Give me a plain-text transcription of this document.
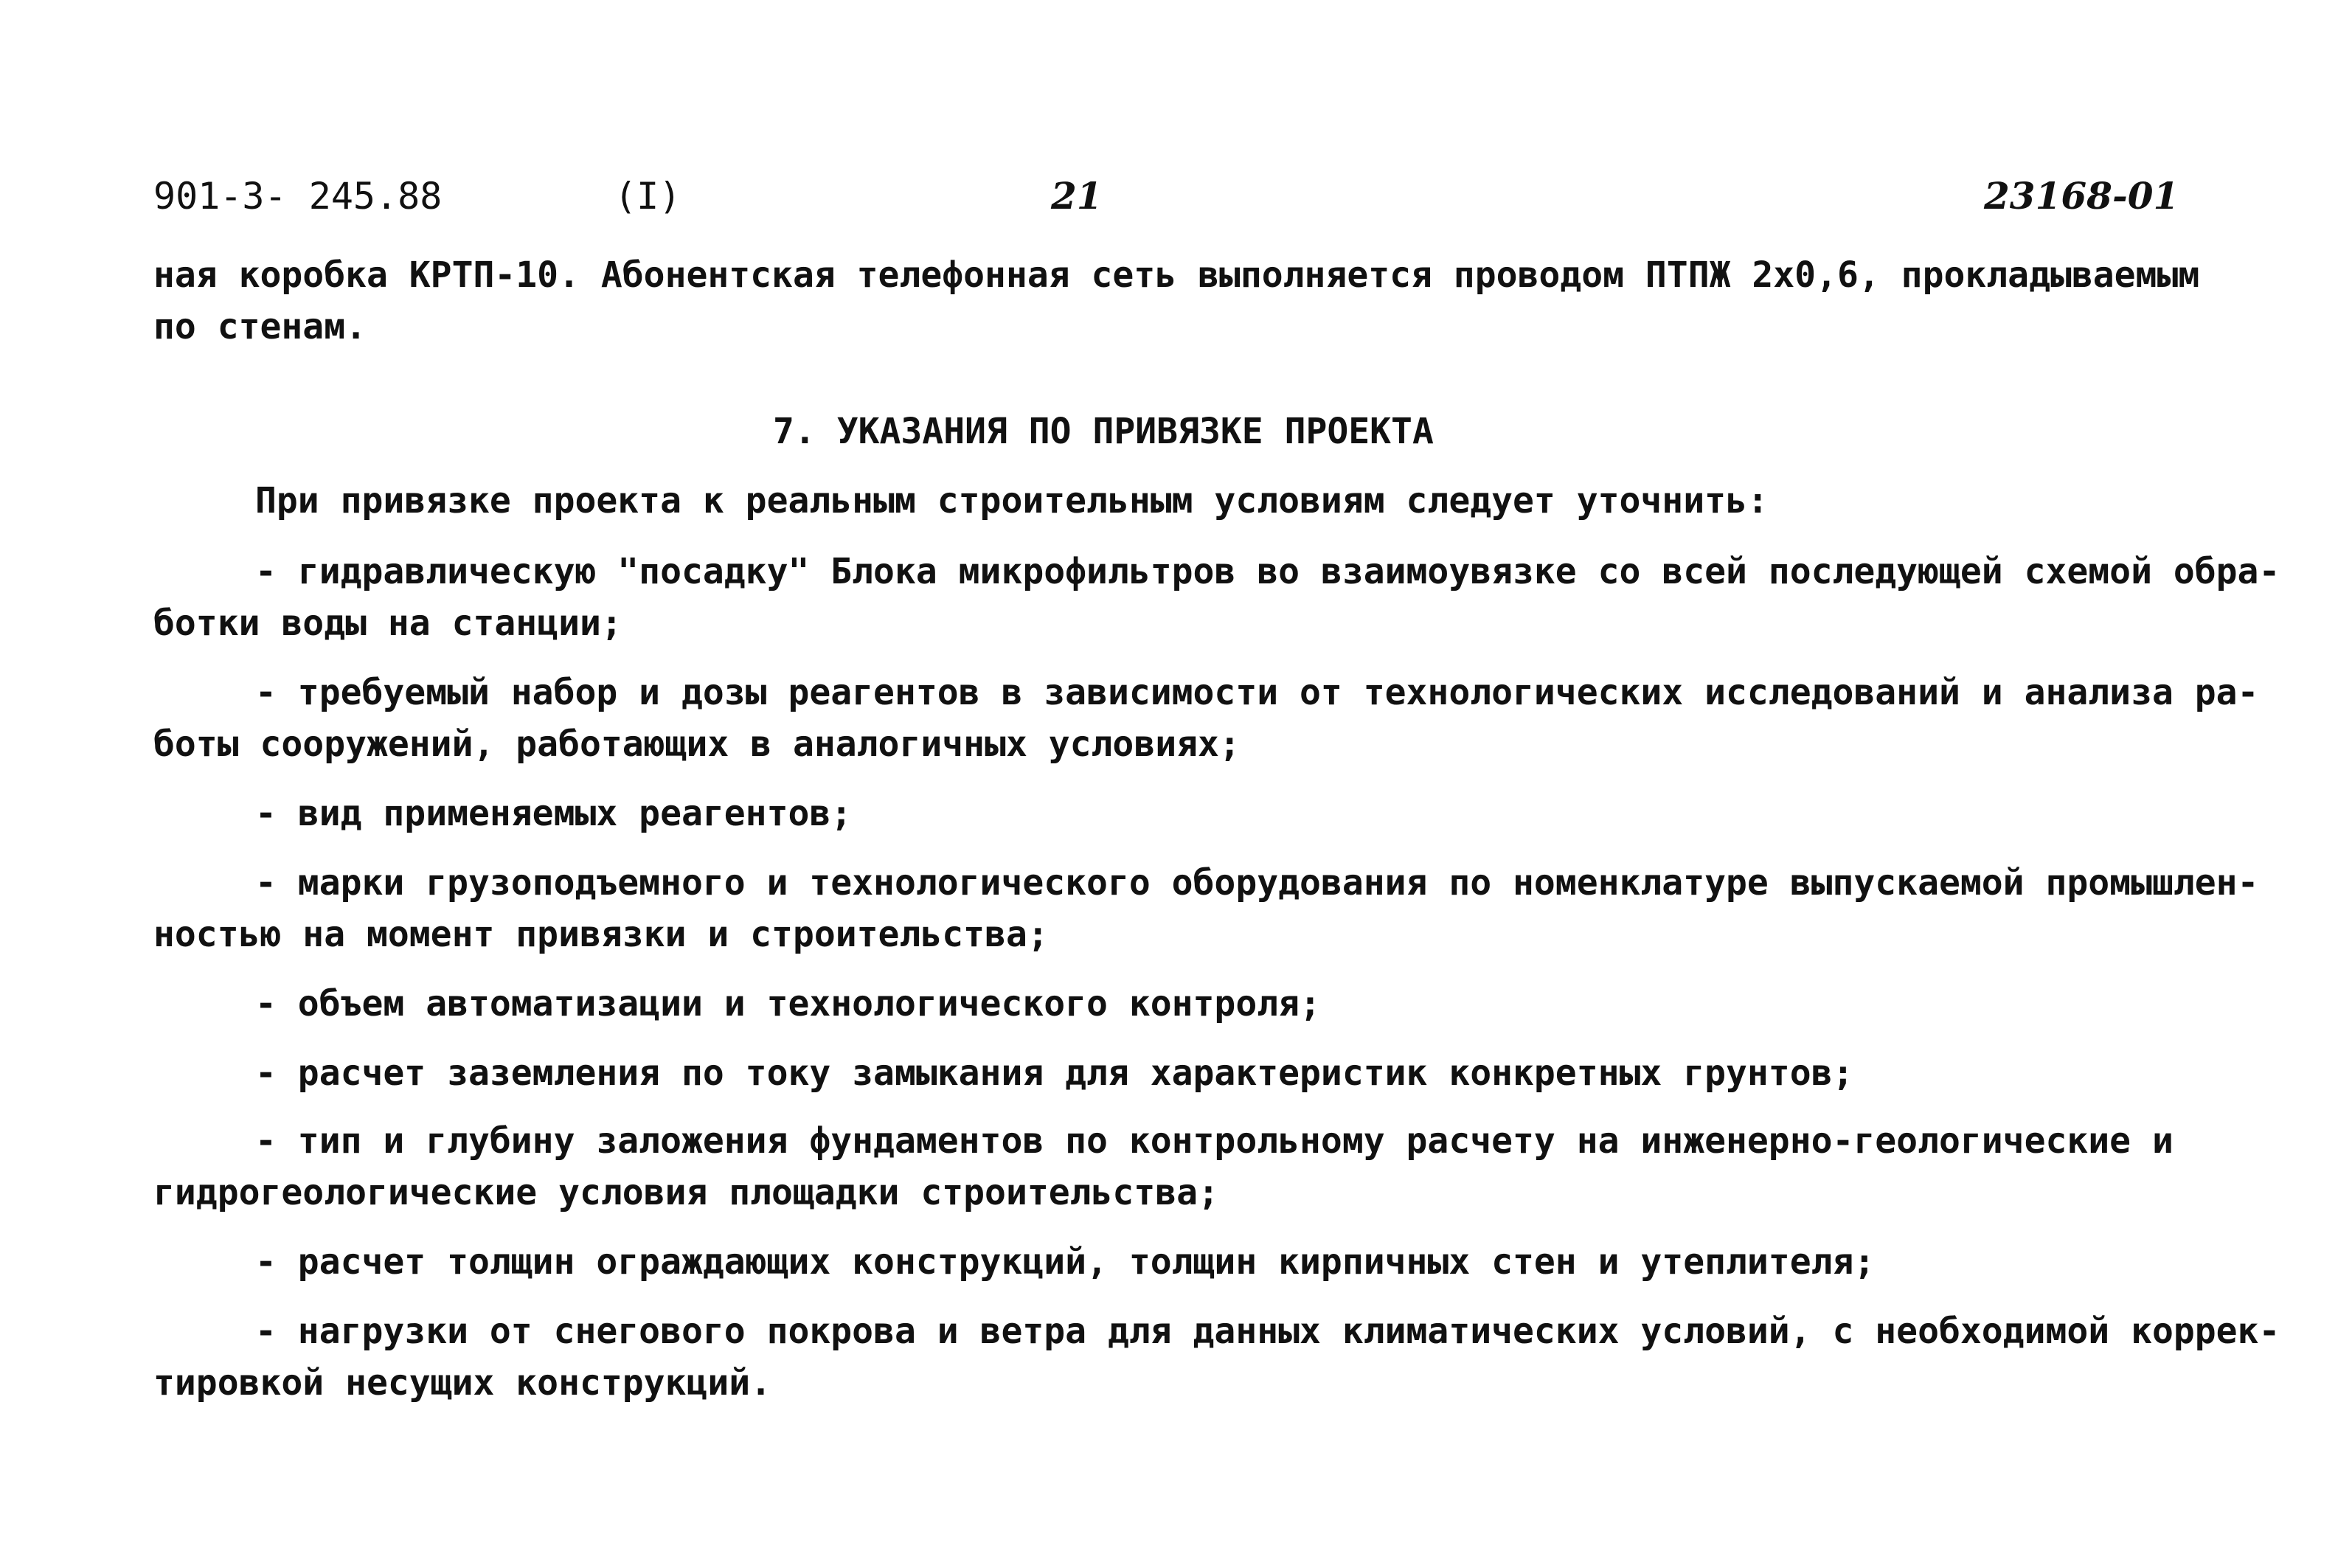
901-3- 245.88	(I)	21	23168-01
ная коробка КРТП-10. Абонентская телефонная сеть выполняется проводом ПТПЖ 2х0,6, прокладываемым
по стенам.
7. УКАЗАНИЯ ПО ПРИВЯЗКЕ ПРОЕКТА
При привязке проекта к реальным строительным условиям следует уточнить:
- гидравлическую "посадку" Блока микрофильтров во взаимоувязке со всей последующей схемой обра-
ботки воды на станции;
- требуемый набор и дозы реагентов в зависимости от технологических исследований и анализа ра-
боты сооружений, работающих в аналогичных условиях;
- вид применяемых реагентов;
- марки грузоподъемного и технологического оборудования по номенклатуре выпускаемой промышлен-
ностью на момент привязки и строительства;
- объем автоматизации и технологического контроля;
- расчет заземления по току замыкания для характеристик конкретных грунтов;
- тип и глубину заложения фундаментов по контрольному расчету на инженерно-геологические и
гидрогеологические условия площадки строительства;
- расчет толщин ограждающих конструкций, толщин кирпичных стен и утеплителя;
- нагрузки от снегового покрова и ветра для данных климатических условий, с необходимой коррек-
тировкой несущих конструкций.
